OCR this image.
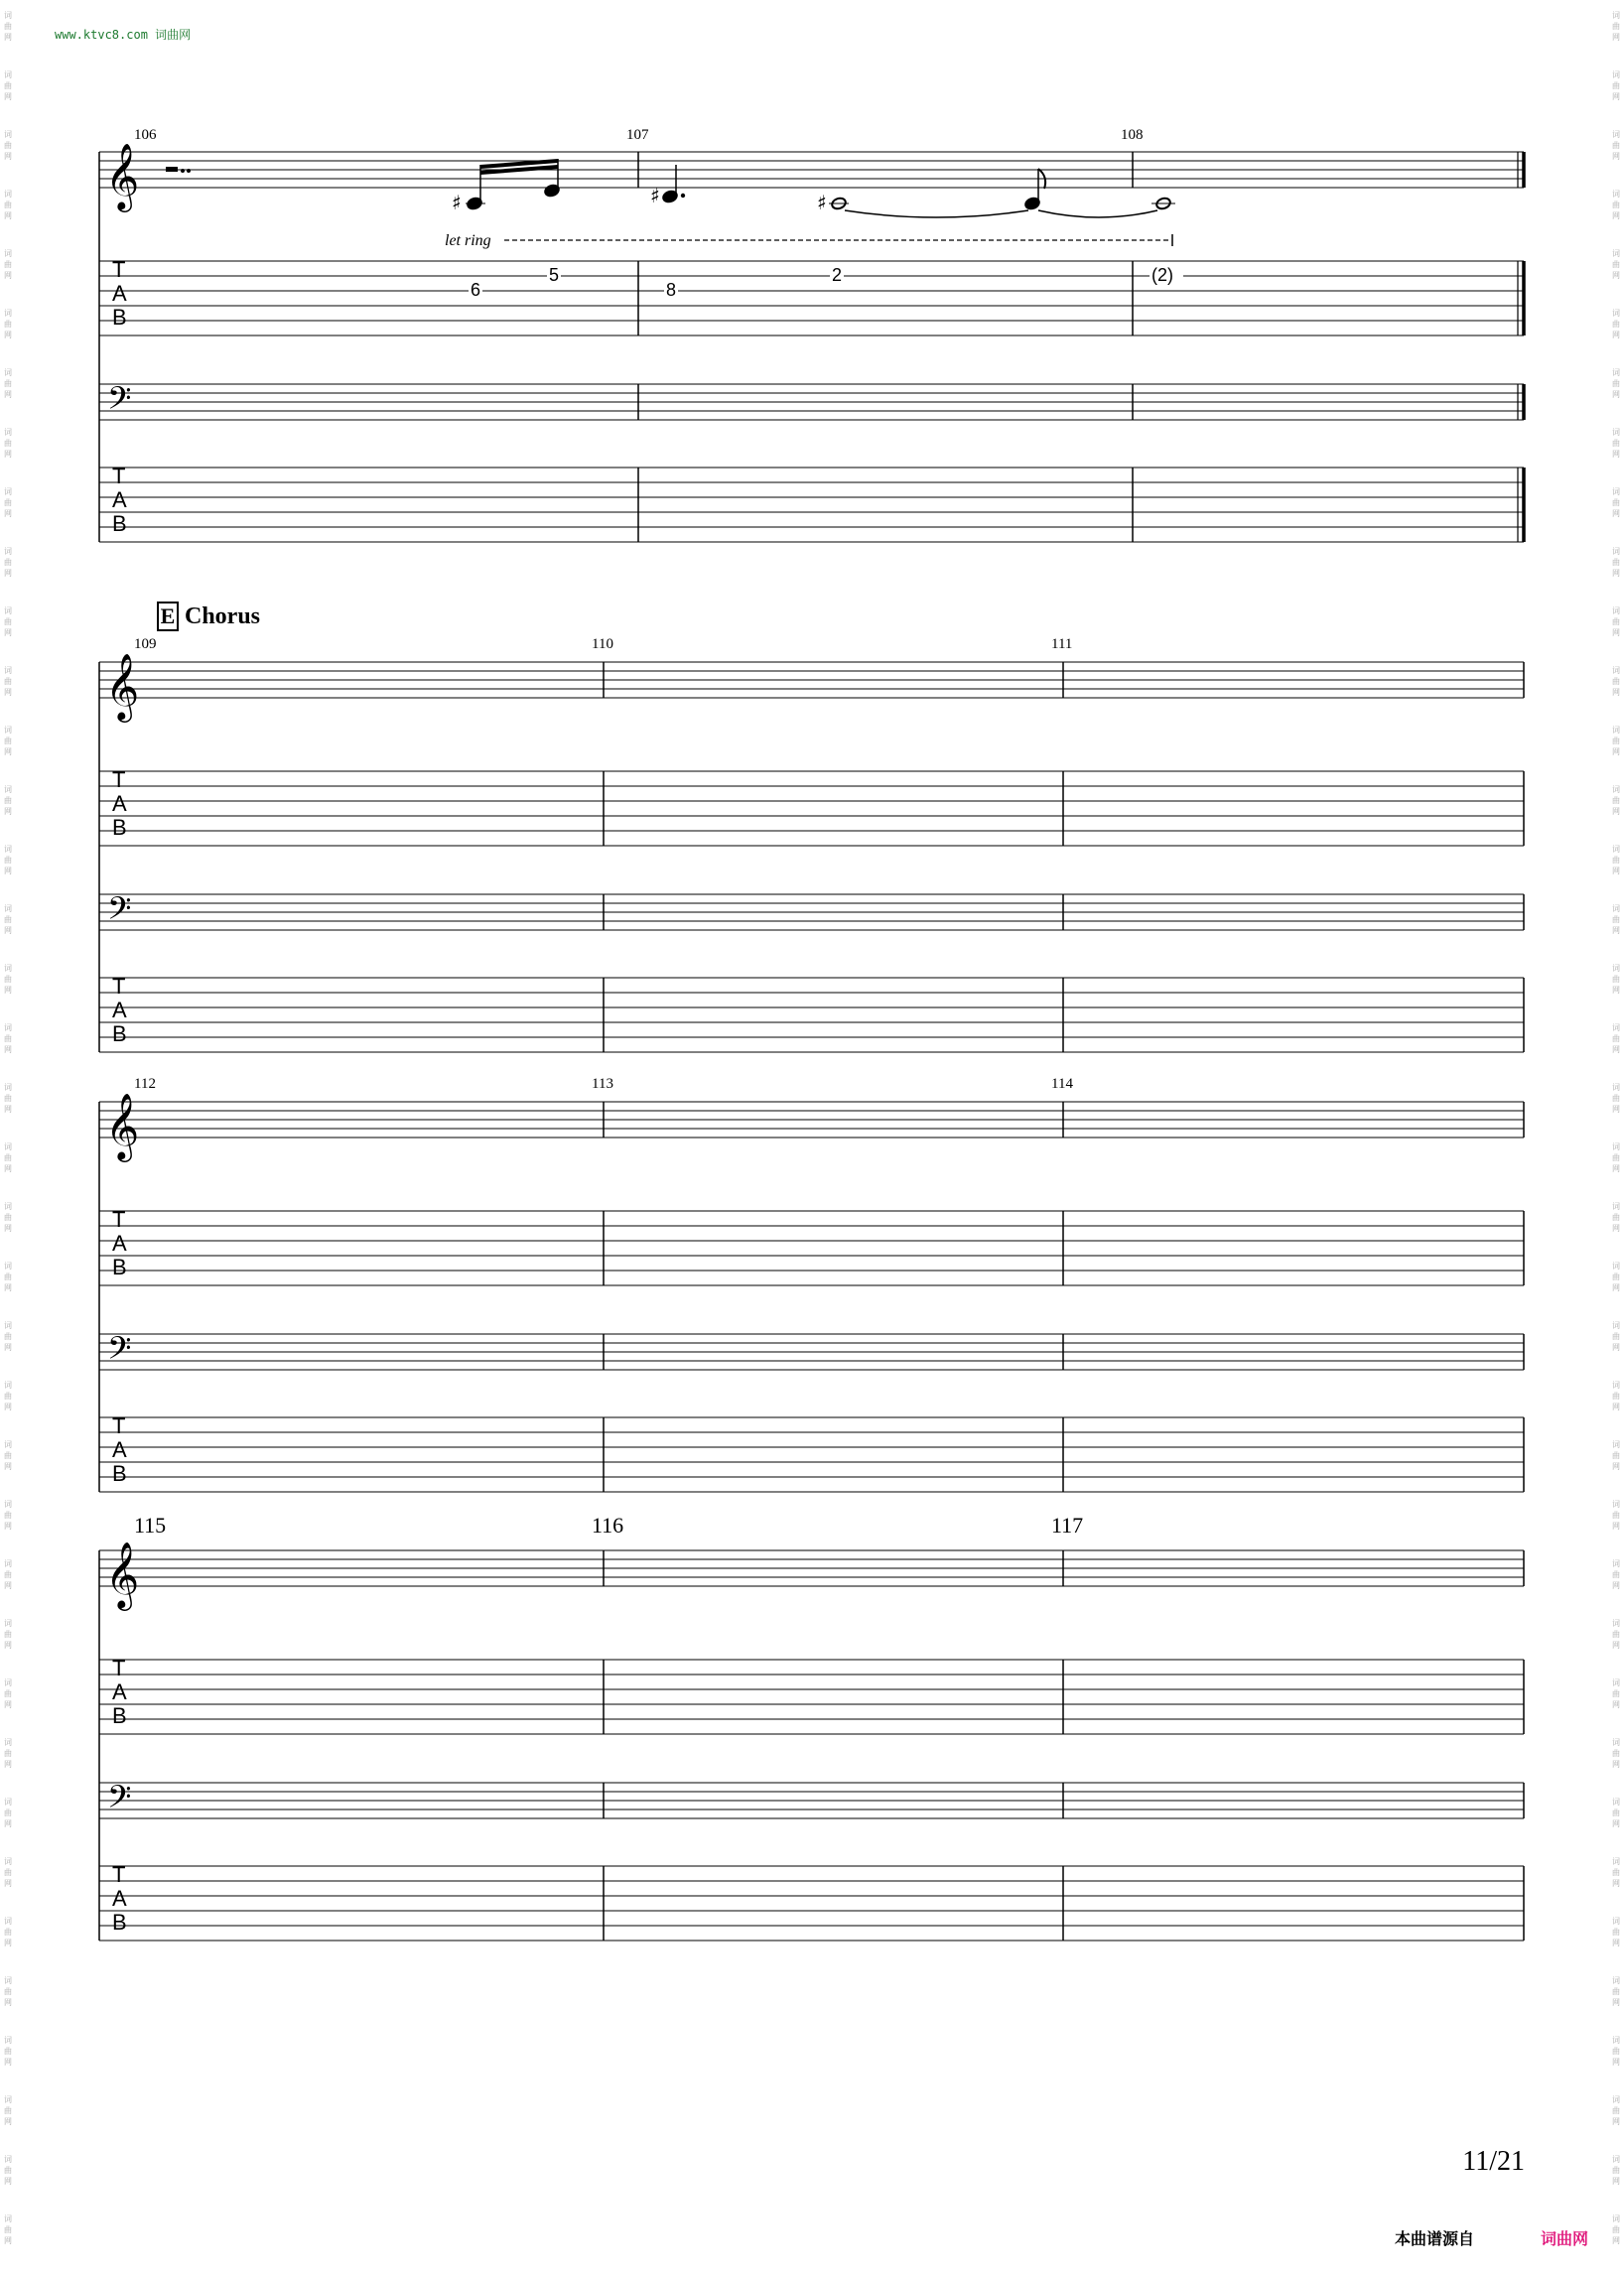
www.ktvc8.com 词曲网
词
曲
网
词
曲
网
词
曲
网
词
曲
网
词
曲
网
词
曲
网
词
曲
网
词
曲
网
词
曲
网
词
曲
网
词
曲
网
词
曲
网
词
曲
网
词
曲
网
词
曲
网
词
曲
网
词
曲
网
词
曲
网
词
曲
网
词
曲
网
词
曲
网
词
曲
网
词
曲
网
词
曲
网
词
曲
网
词
曲
网
词
曲
网
词
曲
网
词
曲
网
词
曲
网
词
曲
网
词
曲
网
词
曲
网
词
曲
网
词
曲
网
词
曲
网
词
曲
网
词
曲
网
词
曲
网
词
曲
网
词
曲
网
词
曲
网
词
曲
网
词
曲
网
词
曲
网
词
曲
网
词
曲
网
词
曲
网
词
曲
网
词
曲
网
词
曲
网
词
曲
网
词
曲
网
词
曲
网
词
曲
网
词
曲
网
词
曲
网
词
曲
网
词
曲
网
词
曲
网
词
曲
网
词
曲
网
词
曲
网
词
曲
网
词
曲
网
词
曲
网
词
曲
网
词
曲
网
词
曲
网
词
曲
网
词
曲
网
词
曲
网
词
曲
网
词
曲
网
词
曲
网
词
曲
网
E Chorus
𝄞
𝄢
T
A
B
T
A
B
106	107	108
𝄞
𝄢
T
A
B
T
A
B
109	110	111
𝄞
𝄢
T
A
B
T
A
B
112	113	114
𝄞
𝄢
T
A
B
T
A
B
115	116	117
♯	♯	♯
let ring
6
5
8
2	(2)
11/21
本曲谱源自	词曲网
